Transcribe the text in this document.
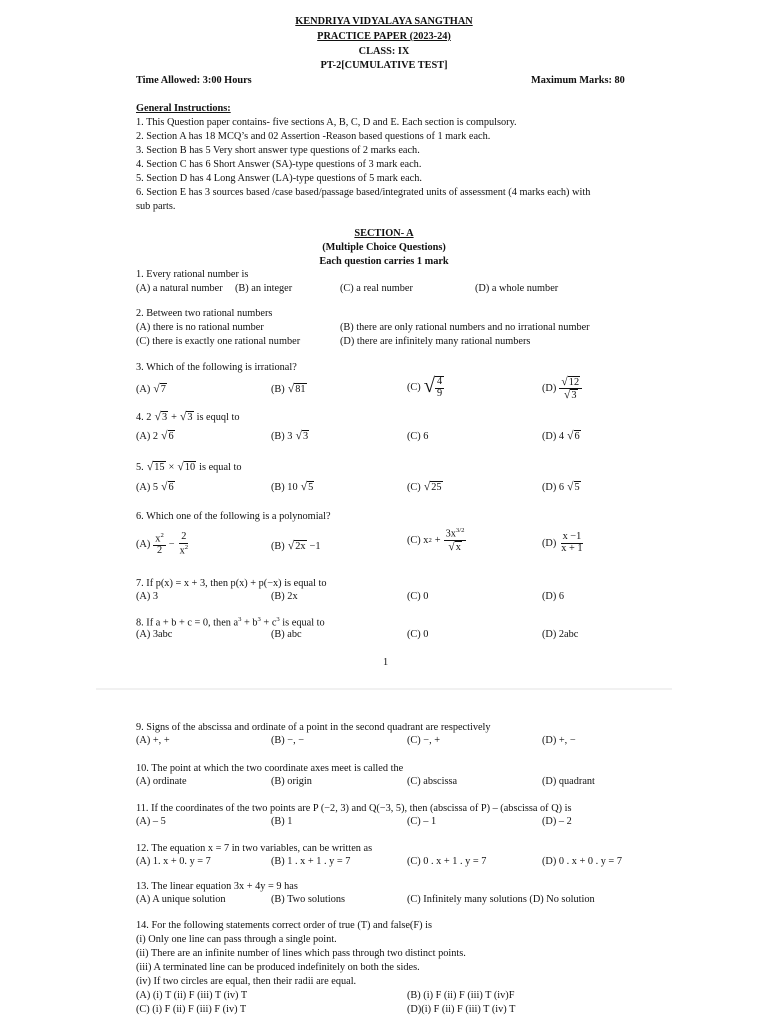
KENDRIYA VIDYALAYA SANGTHAN
PRACTICE PAPER (2023-24)
CLASS: IX
PT-2[CUMULATIVE TEST]
Time Allowed: 3:00 Hours	Maximum Marks: 80
General Instructions:
1. This Question paper contains- five sections A, B, C, D and E. Each section is compulsory.
2. Section A has 18 MCQ’s and 02 Assertion -Reason based questions of 1 mark each.
3. Section B has 5 Very short answer type questions of 2 marks each.
4. Section C has 6 Short Answer (SA)-type questions of 3 mark each.
5. Section D has 4 Long Answer (LA)-type questions of 5 mark each.
6. Section E has 3 sources based /case based/passage based/integrated units of assessment (4 marks each) with
sub parts.
SECTION- A
(Multiple Choice Questions)
Each question carries 1 mark
1. Every rational number is
(A) a natural number (B) an integer	(C) a real number	(D) a whole number
2. Between two rational numbers
(A) there is no rational number	(B) there are only rational numbers and no irrational number
(C) there is exactly one rational number	(D) there are infinitely many rational numbers
3. Which of the following is irrational?
(A) √ 7	(B) √ 81	(C) √ 4
9	(D)
√ 12
√ 3
4. 2 √ 3 + √ 3 is equql to
(A) 2 √ 6	(B) 3 √ 3	(C) 6	(D) 4 √ 6
5. √ 15 × √ 10 is equal to
(A) 5 √ 6	(B) 10 √ 5	(C) √ 25	(D) 6 √ 5
6. Which one of the following is a polynomial?
(A)
$x^2$
2
− $\frac{2}{x^2}$	(B) √ 2x −1
(C) x $2 + \frac{3x^{3/2}}{√ x}$	(D)
x −1
x + 1
7. If p(x) = x + 3, then p(x) + p(−x) is equal to
(A) 3	(B) 2x	(C) 0	(D) 6
8. If a + b + c = 0, then $a^3 + b^3 + c^3$ is equal to
(A) 3abc	(B) abc	(C) 0	(D) 2abc
1
9. Signs of the abscissa and ordinate of a point in the second quadrant are respectively
(A) +, +	(B) −, −	(C) −, +	(D) +, −
10. The point at which the two coordinate axes meet is called the
(A) ordinate	(B) origin	(C) abscissa	(D) quadrant
11. If the coordinates of the two points are P (−2, 3) and Q(−3, 5), then (abscissa of P) – (abscissa of Q) is
(A) – 5	(B) 1	(C) – 1	(D) – 2
12. The equation x = 7 in two variables, can be written as
(A) 1. x + 0. y = 7	(B) 1 . x + 1 . y = 7	(C) 0 . x + 1 . y = 7	(D) 0 . x + 0 . y = 7
13. The linear equation 3x + 4y = 9 has
(A) A unique solution	(B) Two solutions	(C) Infinitely many solutions (D) No solution
14. For the following statements correct order of true (T) and false(F) is
(i) Only one line can pass through a single point.
(ii) There are an infinite number of lines which pass through two distinct points.
(iii) A terminated line can be produced indefinitely on both the sides.
(iv) If two circles are equal, then their radii are equal.
(A) (i) T (ii) F (iii) T (iv) T	(B) (i) F (ii) F (iii) T (iv)F
(C) (i) F (ii) F (iii) F (iv) T	(D)(i) F (ii) F (iii) T (iv) T
